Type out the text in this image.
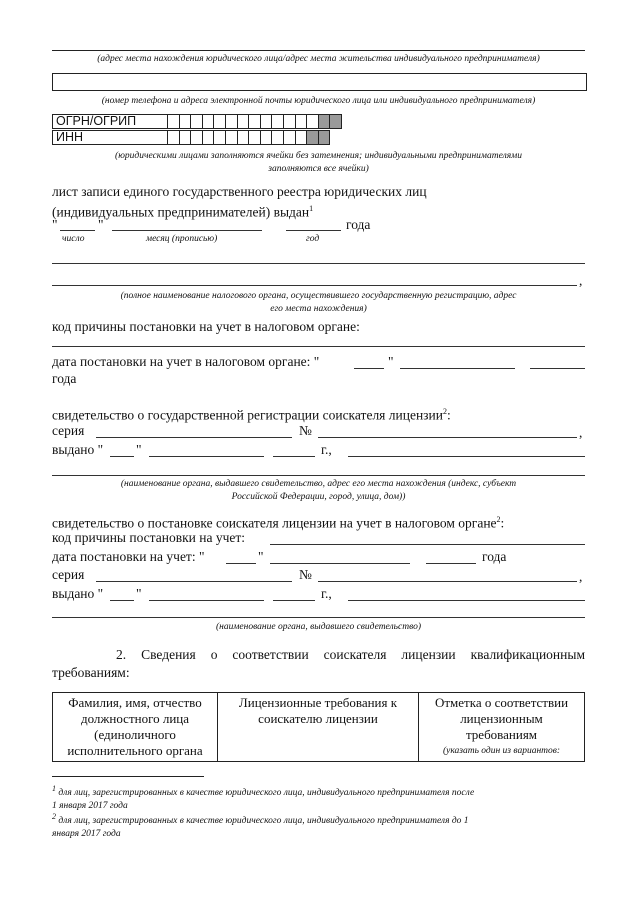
(адрес места нахождения юридического лица/адрес места жительства индивидуального предпринимателя)
(номер телефона и адреса электронной почты юридического лица или индивидуального предпринимателя)
ОГРН/ОГРИП
ИНН
(юридическими лицами заполняются ячейки без затемнения; индивидуальными предпринимателями
заполняются все ячейки)
лист записи единого государственного реестра юридических лиц
(индивидуальных предпринимателей) выдан$^1$
"	"	года
число	месяц (прописью)	год
,
(полное наименование налогового органа, осуществившего государственную регистрацию, адрес
его места нахождения)
код причины постановки на учет в налоговом органе:
дата постановки на учет в налоговом органе: "	"
года
свидетельство о государственной регистрации соискателя лицензии$^2$:
серия	№	,
выдано " "	г.,
(наименование органа, выдавшего свидетельство, адрес его места нахождения (индекс, субъект
Российской Федерации, город, улица, дом))
свидетельство о постановке соискателя лицензии на учет в налоговом органе$^2$:
код причины постановки на учет:
дата постановки на учет: "	"	года
серия	№	,
выдано " "	г.,
(наименование органа, выдавшего свидетельство)
2. Сведения о соответствии соискателя лицензии квалификационным
требованиям:
Фамилия, имя, отчество
должностного лица
(единоличного
исполнительного органа

Лицензионные требования к
соискателю лицензии

Отметка о соответствии
лицензионным
требованиям
(указать один из вариантов:
$^1$ для лиц, зарегистрированных в качестве юридического лица, индивидуального предпринимателя после
1 января 2017 года
$^2$ для лиц, зарегистрированных в качестве юридического лица, индивидуального предпринимателя до 1
января 2017 года
